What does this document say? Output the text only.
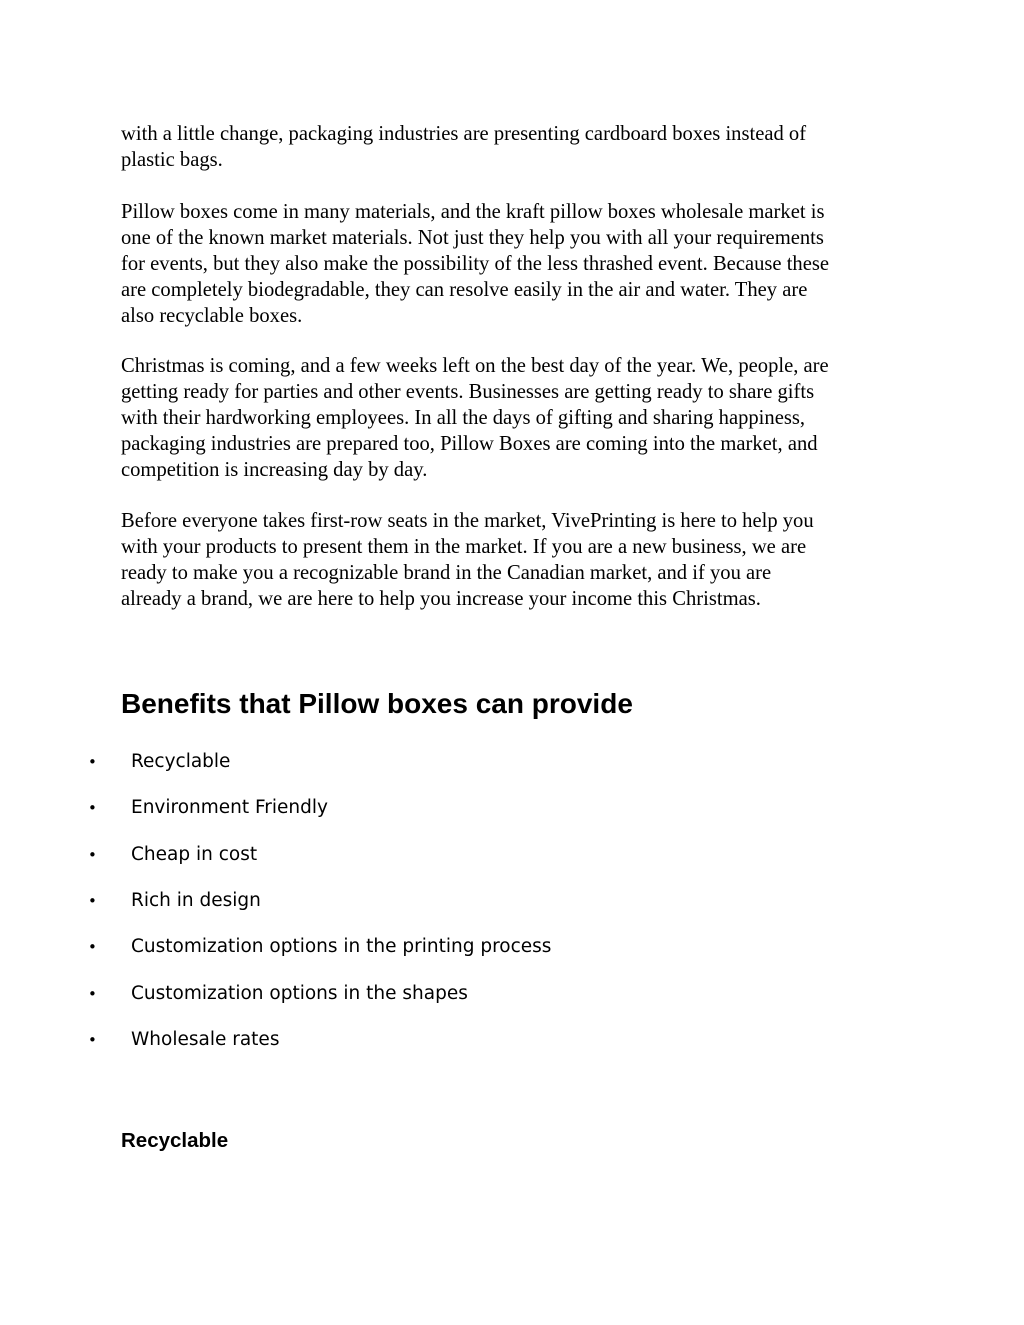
with a little change, packaging industries are presenting cardboard boxes instead of
plastic bags.

Pillow boxes come in many materials, and the kraft pillow boxes wholesale market is
one of the known market materials. Not just they help you with all your requirements
for events, but they also make the possibility of the less thrashed event. Because these
are completely biodegradable, they can resolve easily in the air and water. They are
also recyclable boxes.

Christmas is coming, and a few weeks left on the best day of the year. We, people, are
getting ready for parties and other events. Businesses are getting ready to share gifts
with their hardworking employees. In all the days of gifting and sharing happiness,
packaging industries are prepared too, Pillow Boxes are coming into the market, and
competition is increasing day by day.

Before everyone takes first-row seats in the market, VivePrinting is here to help you
with your products to present them in the market. If you are a new business, we are
ready to make you a recognizable brand in the Canadian market, and if you are
already a brand, we are here to help you increase your income this Christmas.

Benefits that Pillow boxes can provide
• Recyclable
• Environment Friendly
• Cheap in cost
• Rich in design
• Customization options in the printing process
• Customization options in the shapes
• Wholesale rates
Recyclable
